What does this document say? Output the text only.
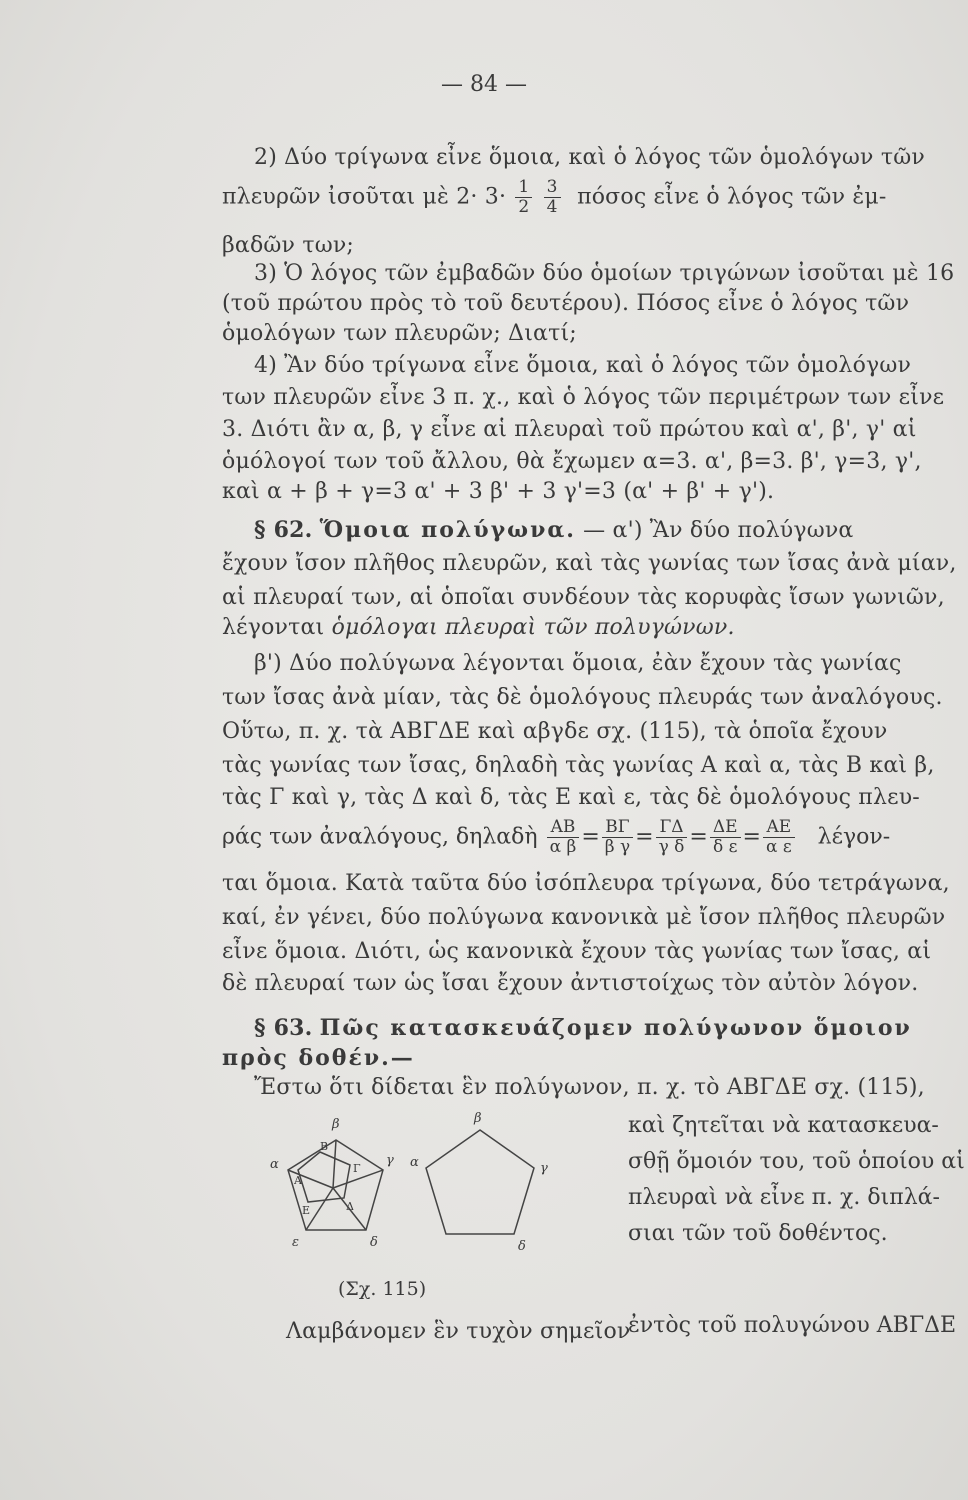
— 84 —
2) Δύο τρίγωνα εἶνε ὅμοια, καὶ ὁ λόγος τῶν ὁμολόγων τῶν
πλευρῶν ἰσοῦται μὲ $2\cdot 3\cdot \frac{1}{2}$
$\frac{3}{4}$ πόσος εἶνε ὁ λόγος τῶν ἐμ-
βαδῶν των;
3) Ὁ λόγος τῶν ἐμβαδῶν δύο ὁμοίων τριγώνων ἰσοῦται μὲ 16
(τοῦ πρώτου πρὸς τὸ τοῦ δευτέρου). Πόσος εἶνε ὁ λόγος τῶν
ὁμολόγων των πλευρῶν; Διατί;
4) Ἂν δύο τρίγωνα εἶνε ὅμοια, καὶ ὁ λόγος τῶν ὁμολόγων
των πλευρῶν εἶνε 3 π. χ., καὶ ὁ λόγος τῶν περιμέτρων των εἶνε
3. Διότι ἂν α, β, γ εἶνε αἱ πλευραὶ τοῦ πρώτου καὶ α', β', γ' αἱ
ὁμόλογοί των τοῦ ἄλλου, θὰ ἔχωμεν α=3. α', β=3. β', γ=3, γ',
καὶ α + β + γ=3 α' + 3 β' + 3 γ'=3 (α' + β' + γ').
§ 62. Ὅμοια πολύγωνα. — α') Ἂν δύο πολύγωνα
ἔχουν ἴσον πλῆθος πλευρῶν, καὶ τὰς γωνίας των ἴσας ἀνὰ μίαν,
αἱ πλευραί των, αἱ ὁποῖαι συνδέουν τὰς κορυφὰς ἴσων γωνιῶν,
λέγονται ὁμόλογαι πλευραὶ τῶν πολυγώνων.
β') Δύο πολύγωνα λέγονται ὅμοια, ἐὰν ἔχουν τὰς γωνίας
των ἴσας ἀνὰ μίαν, τὰς δὲ ὁμολόγους πλευράς των ἀναλόγους.
Οὕτω, π. χ. τὰ ΑΒΓΔΕ καὶ αβγδε σχ. (115), τὰ ὁποῖα ἔχουν
τὰς γωνίας των ἴσας, δηλαδὴ τὰς γωνίας Α καὶ α, τὰς Β καὶ β,
τὰς Γ καὶ γ, τὰς Δ καὶ δ, τὰς Ε καὶ ε, τὰς δὲ ὁμολόγους πλευ-
ράς των ἀναλόγους, δηλαδὴ $\frac{AB}{\text{α β}} = \frac{B\Gamma}{\text{β γ}} = \frac{\Gamma\Delta}{\text{γ δ}} = \frac{\Delta E}{\text{δ ε}} = \frac{AE}{\text{α ε}} \lambda έ\gamma o\nu-$
ται ὅμοια. Κατὰ ταῦτα δύο ἰσόπλευρα τρίγωνα, δύο τετράγωνα,
καί, ἐν γένει, δύο πολύγωνα κανονικὰ μὲ ἴσον πλῆθος πλευρῶν
εἶνε ὅμοια. Διότι, ὡς κανονικὰ ἔχουν τὰς γωνίας των ἴσας, αἱ
δὲ πλευραί των ὡς ἴσαι ἔχουν ἀντιστοίχως τὸν αὐτὸν λόγον.
§ 63. Πῶς κατασκευάζομεν πολύγωνον ὅμοιον
πρὸς δοθέν.—
Ἔστω ὅτι δίδεται ἓν πολύγωνον, π. χ. τὸ ΑΒΓΔΕ σχ. (115),
β
α	γ
δ
ε
Β
Α
Γ
Δ
Ε
β
α	γ
δ
(Σχ. 115)
καὶ ζητεῖται νὰ κατασκευα-
σθῇ ὅμοιόν του, τοῦ ὁποίου αἱ
πλευραὶ νὰ εἶνε π. χ. διπλά-
σιαι τῶν τοῦ δοθέντος.
Λαμβάνομεν ἓν τυχὸν σημεῖον
ἐντὸς τοῦ πολυγώνου ΑΒΓΔΕ
